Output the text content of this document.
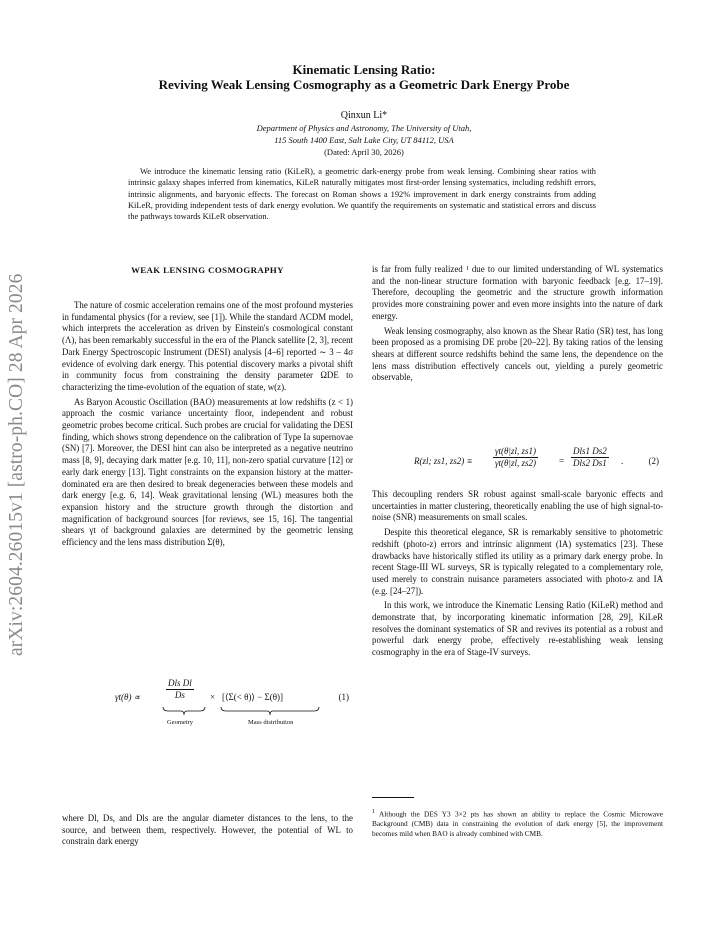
arXiv:2604.26015v1 [astro-ph.CO] 28 Apr 2026
Kinematic Lensing Ratio:
Reviving Weak Lensing Cosmography as a Geometric Dark Energy Probe
Qinxun Li*
Department of Physics and Astronomy, The University of Utah,
115 South 1400 East, Salt Lake City, UT 84112, USA
(Dated: April 30, 2026)
We introduce the kinematic lensing ratio (KiLeR), a geometric dark-energy probe from weak lensing. Combining shear ratios with intrinsic galaxy shapes inferred from kinematics, KiLeR naturally mitigates most first-order lensing systematics, including redshift errors, intrinsic alignments, and baryonic effects. The forecast on Roman shows a 192% improvement in dark energy constraints from adding KiLeR, providing independent tests of dark energy evolution. We quantify the requirements on systematic and statistical errors and discuss the pathways towards KiLeR observation.
WEAK LENSING COSMOGRAPHY

The nature of cosmic acceleration remains one of the most profound mysteries in fundamental physics (for a review, see [1]). While the standard ΛCDM model, which interprets the acceleration as driven by Einstein's cosmological constant (Λ), has been remarkably successful in the era of the Planck satellite [2, 3], recent Dark Energy Spectroscopic Instrument (DESI) analysis [4–6] reported ∼ 3 – 4σ evidence of evolving dark energy. This potential discovery marks a pivotal shift in community focus from constraining the density parameter ΩDE to characterizing the time-evolution of the equation of state, w(z).

As Baryon Acoustic Oscillation (BAO) measurements at low redshifts (z < 1) approach the cosmic variance uncertainty floor, independent and robust geometric probes become critical. Such probes are crucial for validating the DESI finding, which shows strong dependence on the calibration of Type Ia supernovae (SN) [7]. Moreover, the DESI hint can also be interpreted as a negative neutrino mass [8, 9], decaying dark matter [e.g. 10, 11], non-zero spatial curvature [12] or early dark energy [13]. Tight constraints on the expansion history at the matter-dominated era are then desired to break degeneracies between these models and dark energy [e.g. 6, 14]. Weak gravitational lensing (WL) measures both the expansion history and the structure growth through the distortion and magnification of background sources [for reviews, see 15, 16]. The tangential shears γt of background galaxies are determined by the geometric lensing efficiency and the lens mass distribution Σ(θ),

γt(θ) ∝	$\frac{\text{Dls Dl}}{Ds}$
Geometry
× [⟨Σ(< θ)⟩ − Σ(θ)]
Mass distribution
(1)

where Dl, Ds, and Dls are the angular diameter distances to the lens, to the source, and between them, respectively. However, the potential of WL to constrain dark energy

is far from fully realized ¹ due to our limited understanding of WL systematics and the non-linear structure formation with baryonic feedback [e.g. 17–19]. Therefore, decoupling the geometric and the structure growth information provides more constraining power and even more insights into the nature of dark energy.

Weak lensing cosmography, also known as the Shear Ratio (SR) test, has long been proposed as a promising DE probe [20–22]. By taking ratios of the lensing shears at different source redshifts behind the same lens, the dependence on the lens mass distribution effectively cancels out, yielding a purely geometric observable,

R(zl; zs1, $zs2) \equiv \frac{\gamma t(\theta|zl, zs1)}{\gamma t(\theta|zl, zs2)} = \frac{\text{Dls1 Ds2}}{\text{Dls2 Ds1}}$ .	(2)

This decoupling renders SR robust against small-scale baryonic effects and uncertainties in matter clustering, theoretically enabling the use of high signal-to-noise (SNR) measurements on small scales.

Despite this theoretical elegance, SR is remarkably sensitive to photometric redshift (photo-z) errors and intrinsic alignment (IA) systematics [23]. These drawbacks have historically stifled its utility as a primary dark energy probe. In recent Stage-III WL surveys, SR is typically relegated to a complementary role, used merely to constrain nuisance parameters associated with photo-z and IA (e.g. [24–27]).

In this work, we introduce the Kinematic Lensing Ratio (KiLeR) method and demonstrate that, by incorporating kinematic information [28, 29], KiLeR resolves the dominant systematics of SR and revives its potential as a robust and powerful dark energy probe, effectively re-establishing weak lensing cosmography in the era of Stage-IV surveys.

$^1$ Although the DES Y3 3×2 pts has shown an ability to replace the Cosmic Microwave Background (CMB) data in constraining the evolution of dark energy [5], the improvement becomes mild when BAO is already combined with CMB.
